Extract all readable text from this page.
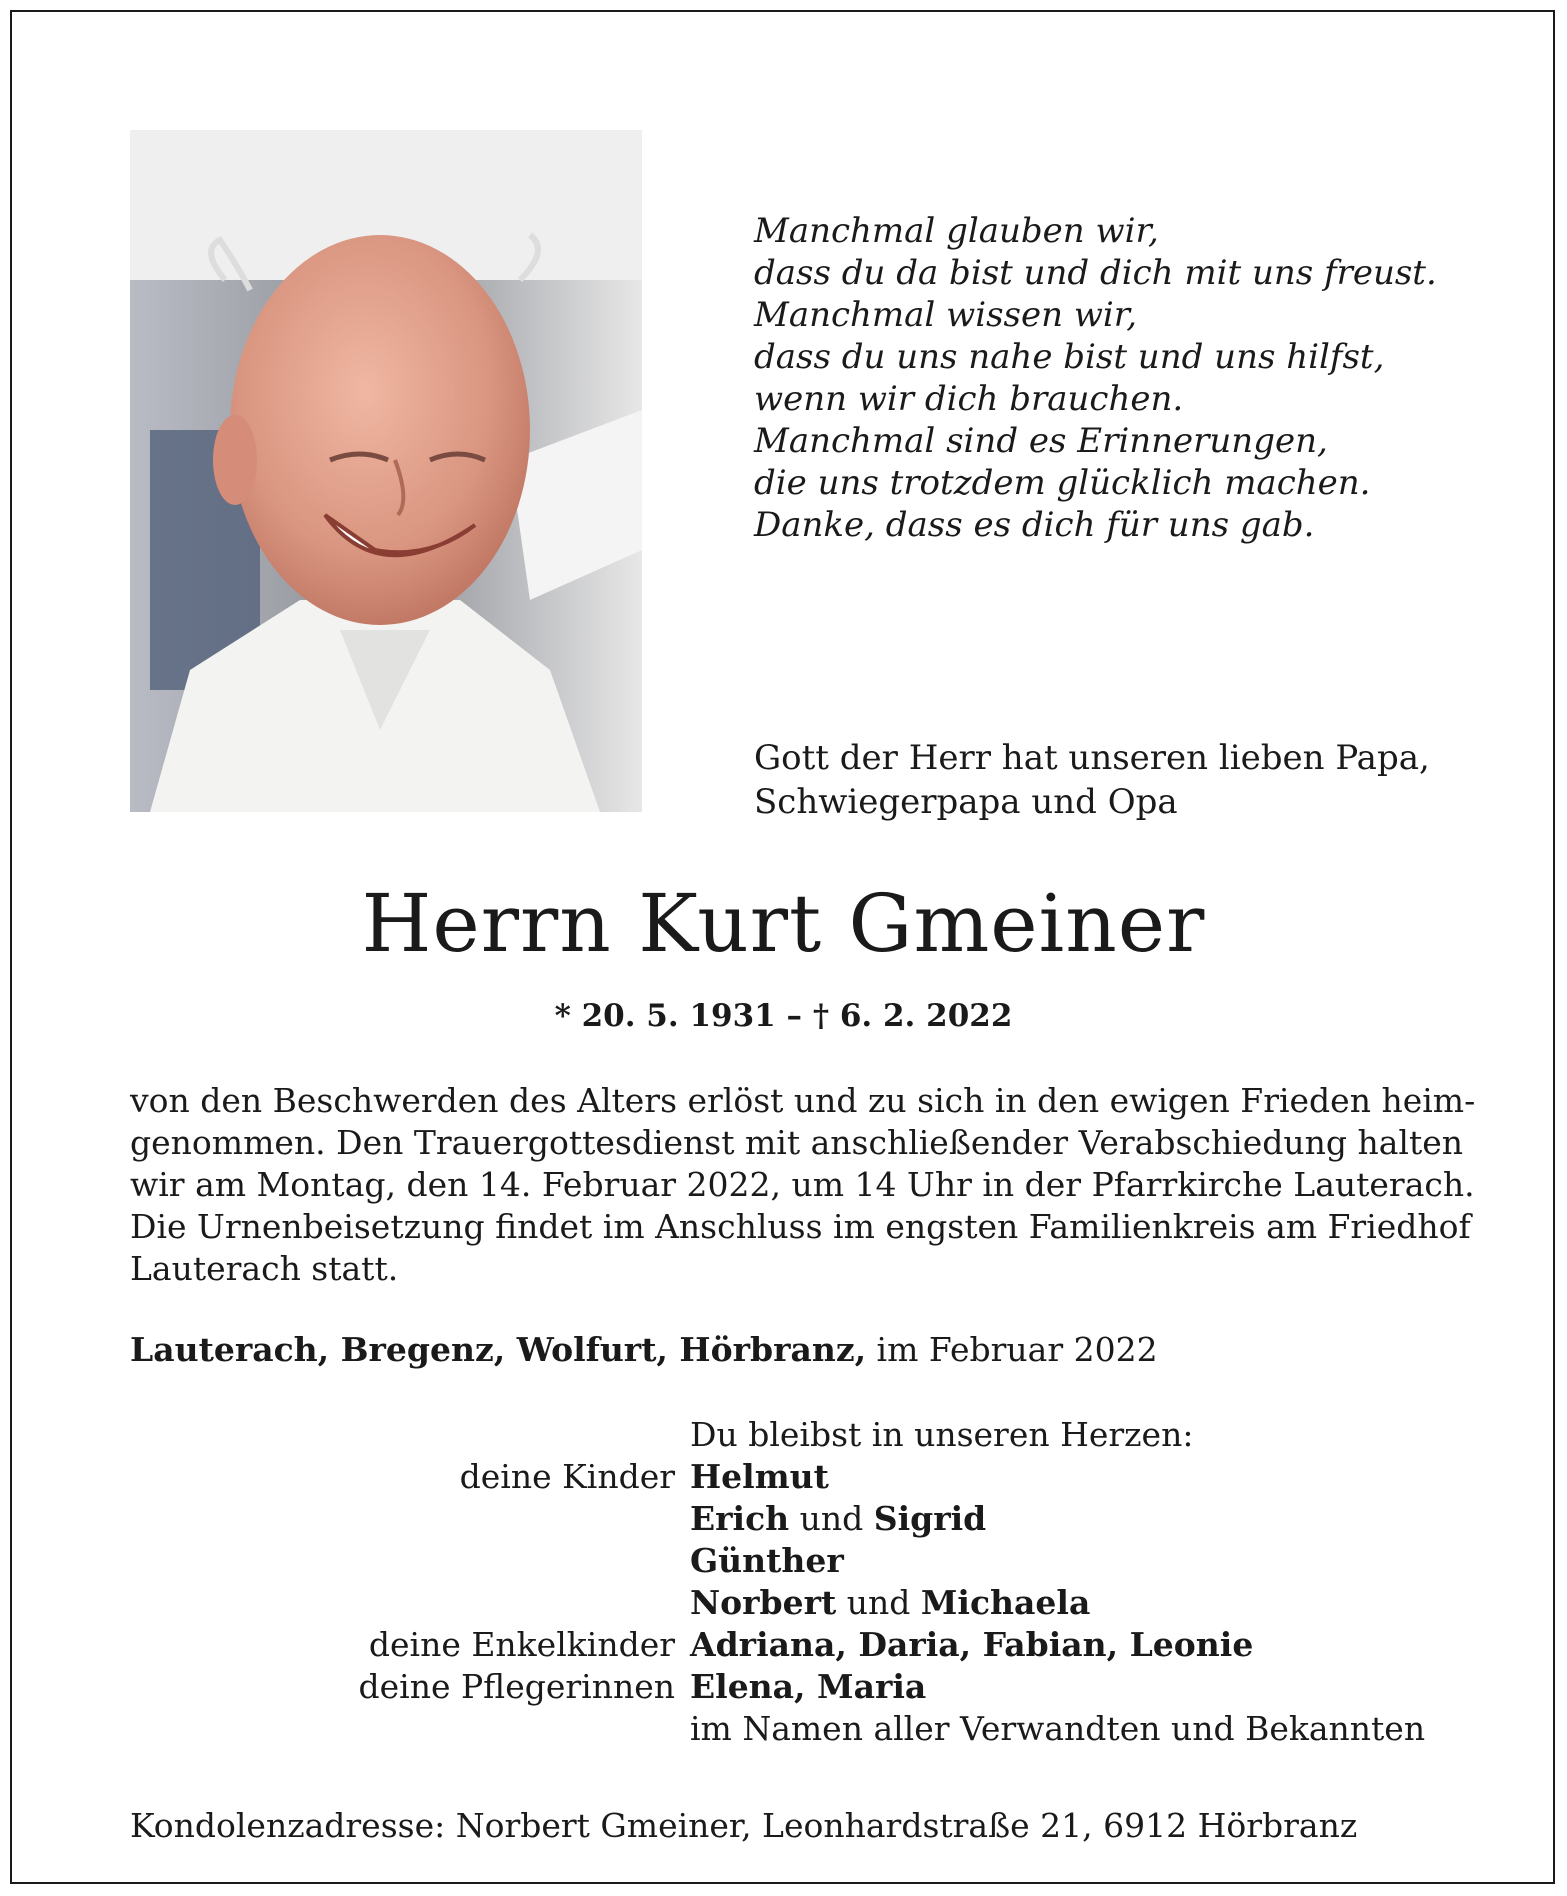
Manchmal glauben wir,
dass du da bist und dich mit uns freust.
Manchmal wissen wir,
dass du uns nahe bist und uns hilfst,
wenn wir dich brauchen.
Manchmal sind es Erinnerungen,
die uns trotzdem glücklich machen.
Danke, dass es dich für uns gab.
Gott der Herr hat unseren lieben Papa,
Schwiegerpapa und Opa
Herrn Kurt Gmeiner
* 20. 5. 1931 – † 6. 2. 2022
von den Beschwerden des Alters erlöst und zu sich in den ewigen Frieden heim-
genommen. Den Trauergottesdienst mit anschließender Verabschiedung halten
wir am Montag, den 14. Februar 2022, um 14 Uhr in der Pfarrkirche Lauterach.
Die Urnenbeisetzung findet im Anschluss im engsten Familienkreis am Friedhof
Lauterach statt.
Lauterach, Bregenz, Wolfurt, Hörbranz, im Februar 2022
Du bleibst in unseren Herzen:
deine Kinder Helmut
Erich und Sigrid
Günther
Norbert und Michaela
deine Enkelkinder Adriana, Daria, Fabian, Leonie
deine Pflegerinnen Elena, Maria
im Namen aller Verwandten und Bekannten
Kondolenzadresse: Norbert Gmeiner, Leonhardstraße 21, 6912 Hörbranz
